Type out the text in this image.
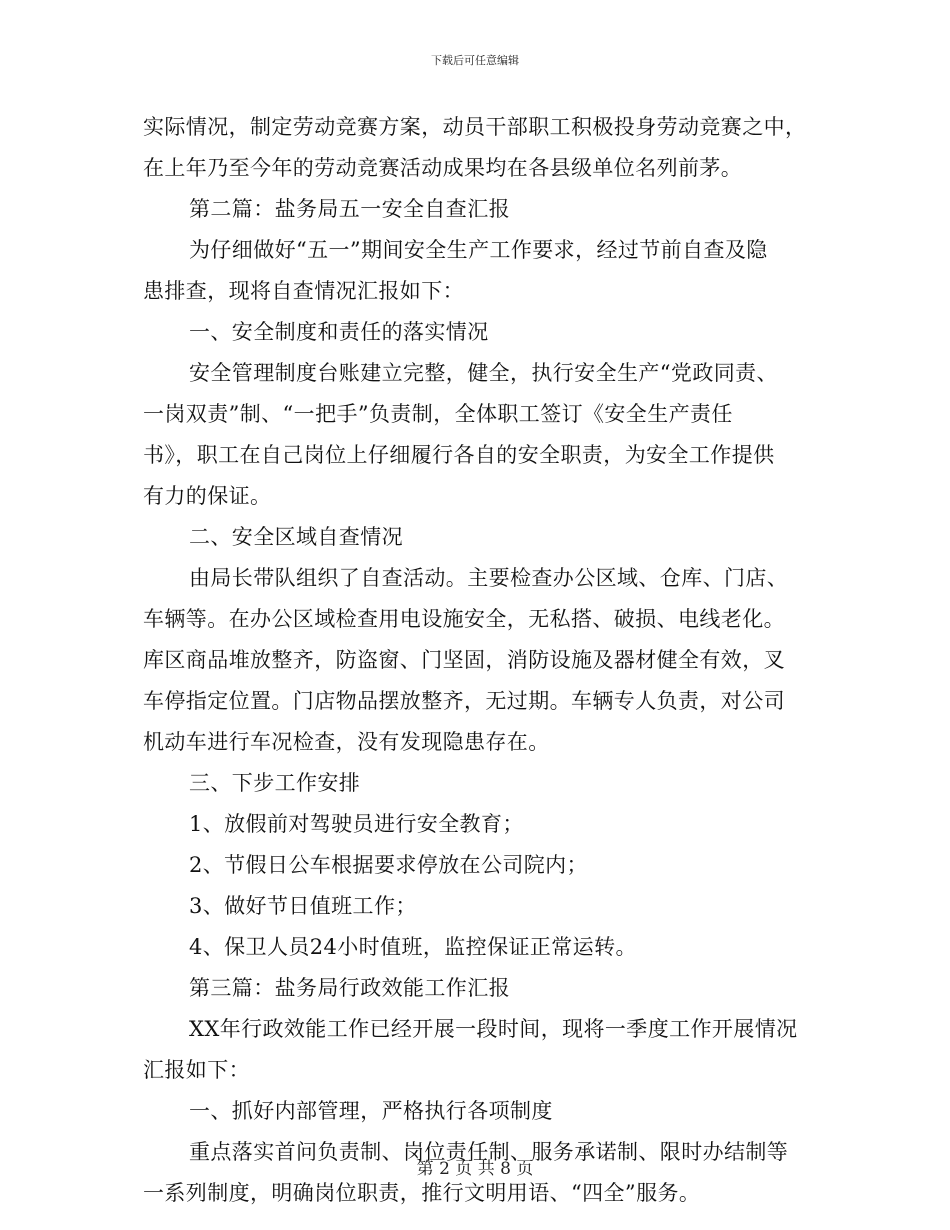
下载后可任意编辑
实际情况，制定劳动竞赛方案，动员干部职工积极投身劳动竞赛之中，
在上年乃至今年的劳动竞赛活动成果均在各县级单位名列前茅。
第二篇：盐务局五一安全自查汇报
为仔细做好“五一”期间安全生产工作要求，经过节前自查及隐
患排查，现将自查情况汇报如下：
一、安全制度和责任的落实情况
安全管理制度台账建立完整，健全，执行安全生产“党政同责、
一岗双责”制、“一把手”负责制，全体职工签订《安全生产责任
书》，职工在自己岗位上仔细履行各自的安全职责，为安全工作提供
有力的保证。
二、安全区域自查情况
由局长带队组织了自查活动。主要检查办公区域、仓库、门店、
车辆等。在办公区域检查用电设施安全，无私搭、破损、电线老化。
库区商品堆放整齐，防盗窗、门坚固，消防设施及器材健全有效，叉
车停指定位置。门店物品摆放整齐，无过期。车辆专人负责，对公司
机动车进行车况检查，没有发现隐患存在。
三、下步工作安排
1、放假前对驾驶员进行安全教育；
2、节假日公车根据要求停放在公司院内；
3、做好节日值班工作；
4、保卫人员24小时值班，监控保证正常运转。
第三篇：盐务局行政效能工作汇报
XX年行政效能工作已经开展一段时间，现将一季度工作开展情况
汇报如下：
一、抓好内部管理，严格执行各项制度
重点落实首问负责制、岗位责任制、服务承诺制、限时办结制等
一系列制度，明确岗位职责，推行文明用语、“四全”服务。
第 2 页 共 8 页
